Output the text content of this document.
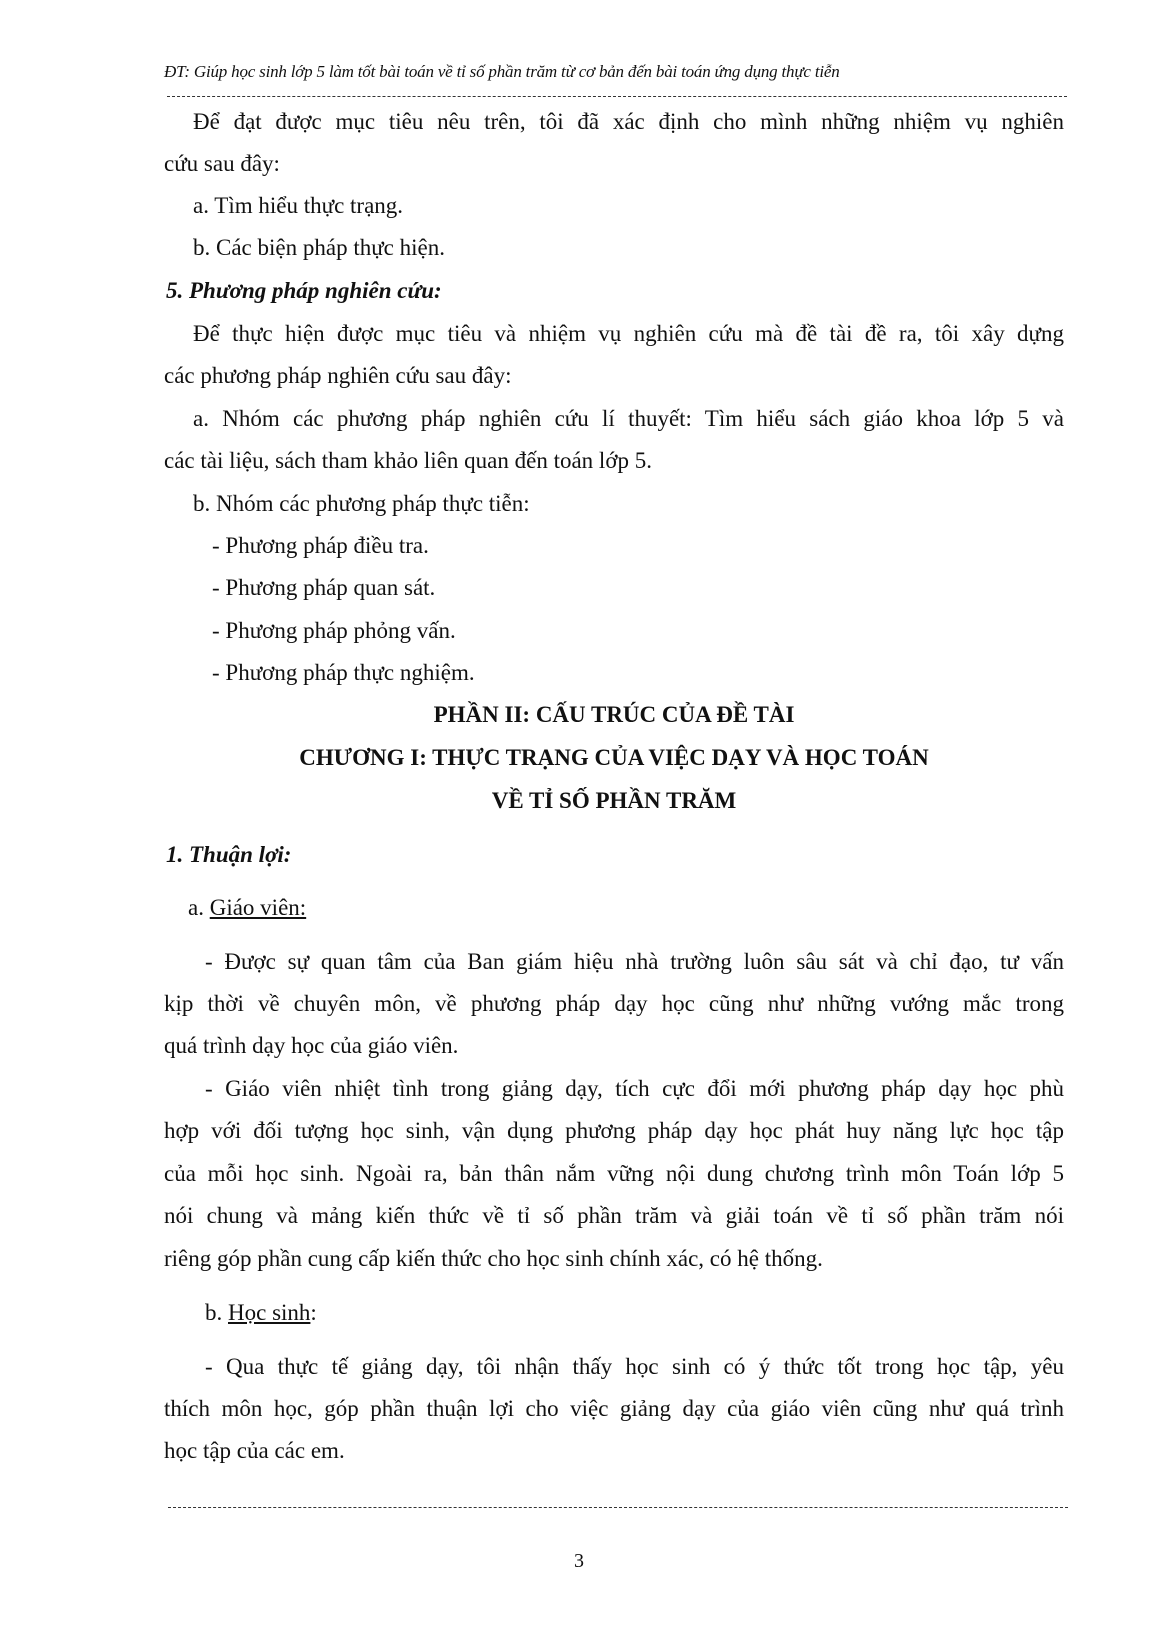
ĐT: Giúp học sinh lớp 5 làm tốt bài toán về tỉ số phần trăm từ cơ bản đến bài toán ứng dụng thực tiễn
Để đạt được mục tiêu nêu trên, tôi đã xác định cho mình những nhiệm vụ nghiên
cứu sau đây:
a. Tìm hiểu thực trạng.
b. Các biện pháp thực hiện.
5. Phương pháp nghiên cứu:
Để thực hiện được mục tiêu và nhiệm vụ nghiên cứu mà đề tài đề ra, tôi xây dựng
các phương pháp nghiên cứu sau đây:
a. Nhóm các phương pháp nghiên cứu lí thuyết: Tìm hiểu sách giáo khoa lớp 5 và
các tài liệu, sách tham khảo liên quan đến toán lớp 5.
b. Nhóm các phương pháp thực tiễn:
- Phương pháp điều tra.
- Phương pháp quan sát.
- Phương pháp phỏng vấn.
- Phương pháp thực nghiệm.
PHẦN II: CẤU TRÚC CỦA ĐỀ TÀI
CHƯƠNG I: THỰC TRẠNG CỦA VIỆC DẠY VÀ HỌC TOÁN
VỀ TỈ SỐ PHẦN TRĂM
1. Thuận lợi:
a. Giáo viên:
- Được sự quan tâm của Ban giám hiệu nhà trường luôn sâu sát và chỉ đạo, tư vấn
kịp thời về chuyên môn, về phương pháp dạy học cũng như những vướng mắc trong
quá trình dạy học của giáo viên.
- Giáo viên nhiệt tình trong giảng dạy, tích cực đổi mới phương pháp dạy học phù
hợp với đối tượng học sinh, vận dụng phương pháp dạy học phát huy năng lực học tập
của mỗi học sinh. Ngoài ra, bản thân nắm vững nội dung chương trình môn Toán lớp 5
nói chung và mảng kiến thức về tỉ số phần trăm và giải toán về tỉ số phần trăm nói
riêng góp phần cung cấp kiến thức cho học sinh chính xác, có hệ thống.
b. Học sinh:
- Qua thực tế giảng dạy, tôi nhận thấy học sinh có ý thức tốt trong học tập, yêu
thích môn học, góp phần thuận lợi cho việc giảng dạy của giáo viên cũng như quá trình
học tập của các em.
3
